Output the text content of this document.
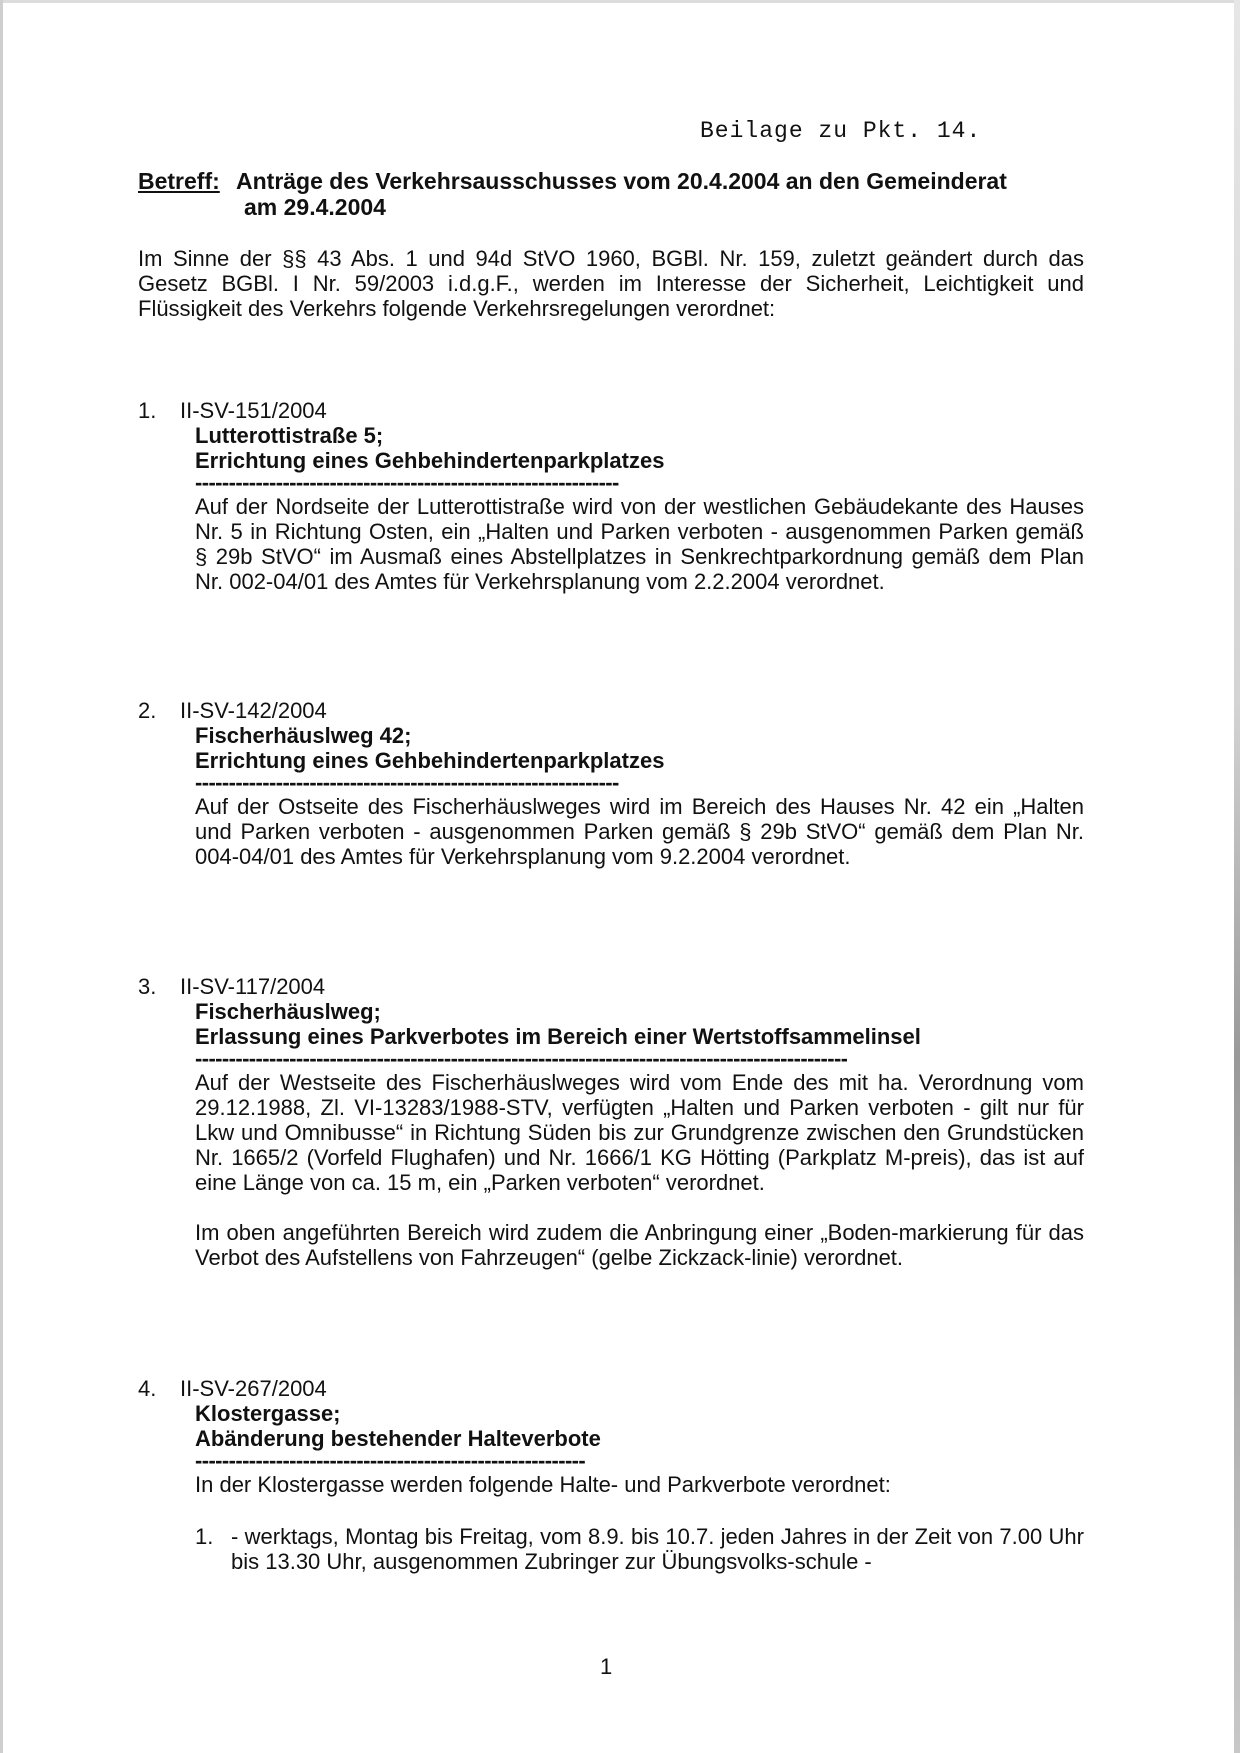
Beilage zu Pkt. 14.
Betreff: Anträge des Verkehrsausschusses vom 20.4.2004 an den Gemeinderat
am 29.4.2004
Im Sinne der §§ 43 Abs. 1 und 94d StVO 1960, BGBl. Nr. 159, zuletzt geändert durch das Gesetz BGBl. I Nr. 59/2003 i.d.g.F., werden im Interesse der Sicherheit, Leichtigkeit und Flüssigkeit des Verkehrs folgende Verkehrsregelungen verordnet:
1. II-SV-151/2004
Lutterottistraße 5;
Errichtung eines Gehbehindertenparkplatzes
---------------------------------------------------------------
Auf der Nordseite der Lutterottistraße wird von der westlichen Gebäudekante des Hauses Nr. 5 in Richtung Osten, ein „Halten und Parken verboten - ausgenommen Parken gemäß § 29b StVO“ im Ausmaß eines Abstellplatzes in Senkrechtparkordnung gemäß dem Plan Nr. 002-04/01 des Amtes für Verkehrsplanung vom 2.2.2004 verordnet.
2. II-SV-142/2004
Fischerhäuslweg 42;
Errichtung eines Gehbehindertenparkplatzes
---------------------------------------------------------------
Auf der Ostseite des Fischerhäuslweges wird im Bereich des Hauses Nr. 42 ein „Halten und Parken verboten - ausgenommen Parken gemäß § 29b StVO“ gemäß dem Plan Nr. 004-04/01 des Amtes für Verkehrsplanung vom 9.2.2004 verordnet.
3. II-SV-117/2004
Fischerhäuslweg;
Erlassung eines Parkverbotes im Bereich einer Wertstoffsammelinsel
-------------------------------------------------------------------------------------------------
Auf der Westseite des Fischerhäuslweges wird vom Ende des mit ha. Verordnung vom 29.12.1988, Zl. VI-13283/1988-STV, verfügten „Halten und Parken verboten - gilt nur für Lkw und Omnibusse“ in Richtung Süden bis zur Grundgrenze zwischen den Grundstücken Nr. 1665/2 (Vorfeld Flughafen) und Nr. 1666/1 KG Hötting (Parkplatz M-preis), das ist auf eine Länge von ca. 15 m, ein „Parken verboten“ verordnet.
Im oben angeführten Bereich wird zudem die Anbringung einer „Boden-markierung für das Verbot des Aufstellens von Fahrzeugen“ (gelbe Zickzack-linie) verordnet.
4. II-SV-267/2004
Klostergasse;
Abänderung bestehender Halteverbote
----------------------------------------------------------
In der Klostergasse werden folgende Halte- und Parkverbote verordnet:
1. - werktags, Montag bis Freitag, vom 8.9. bis 10.7. jeden Jahres in der Zeit von 7.00 Uhr bis 13.30 Uhr, ausgenommen Zubringer zur Übungsvolks-schule -
1
